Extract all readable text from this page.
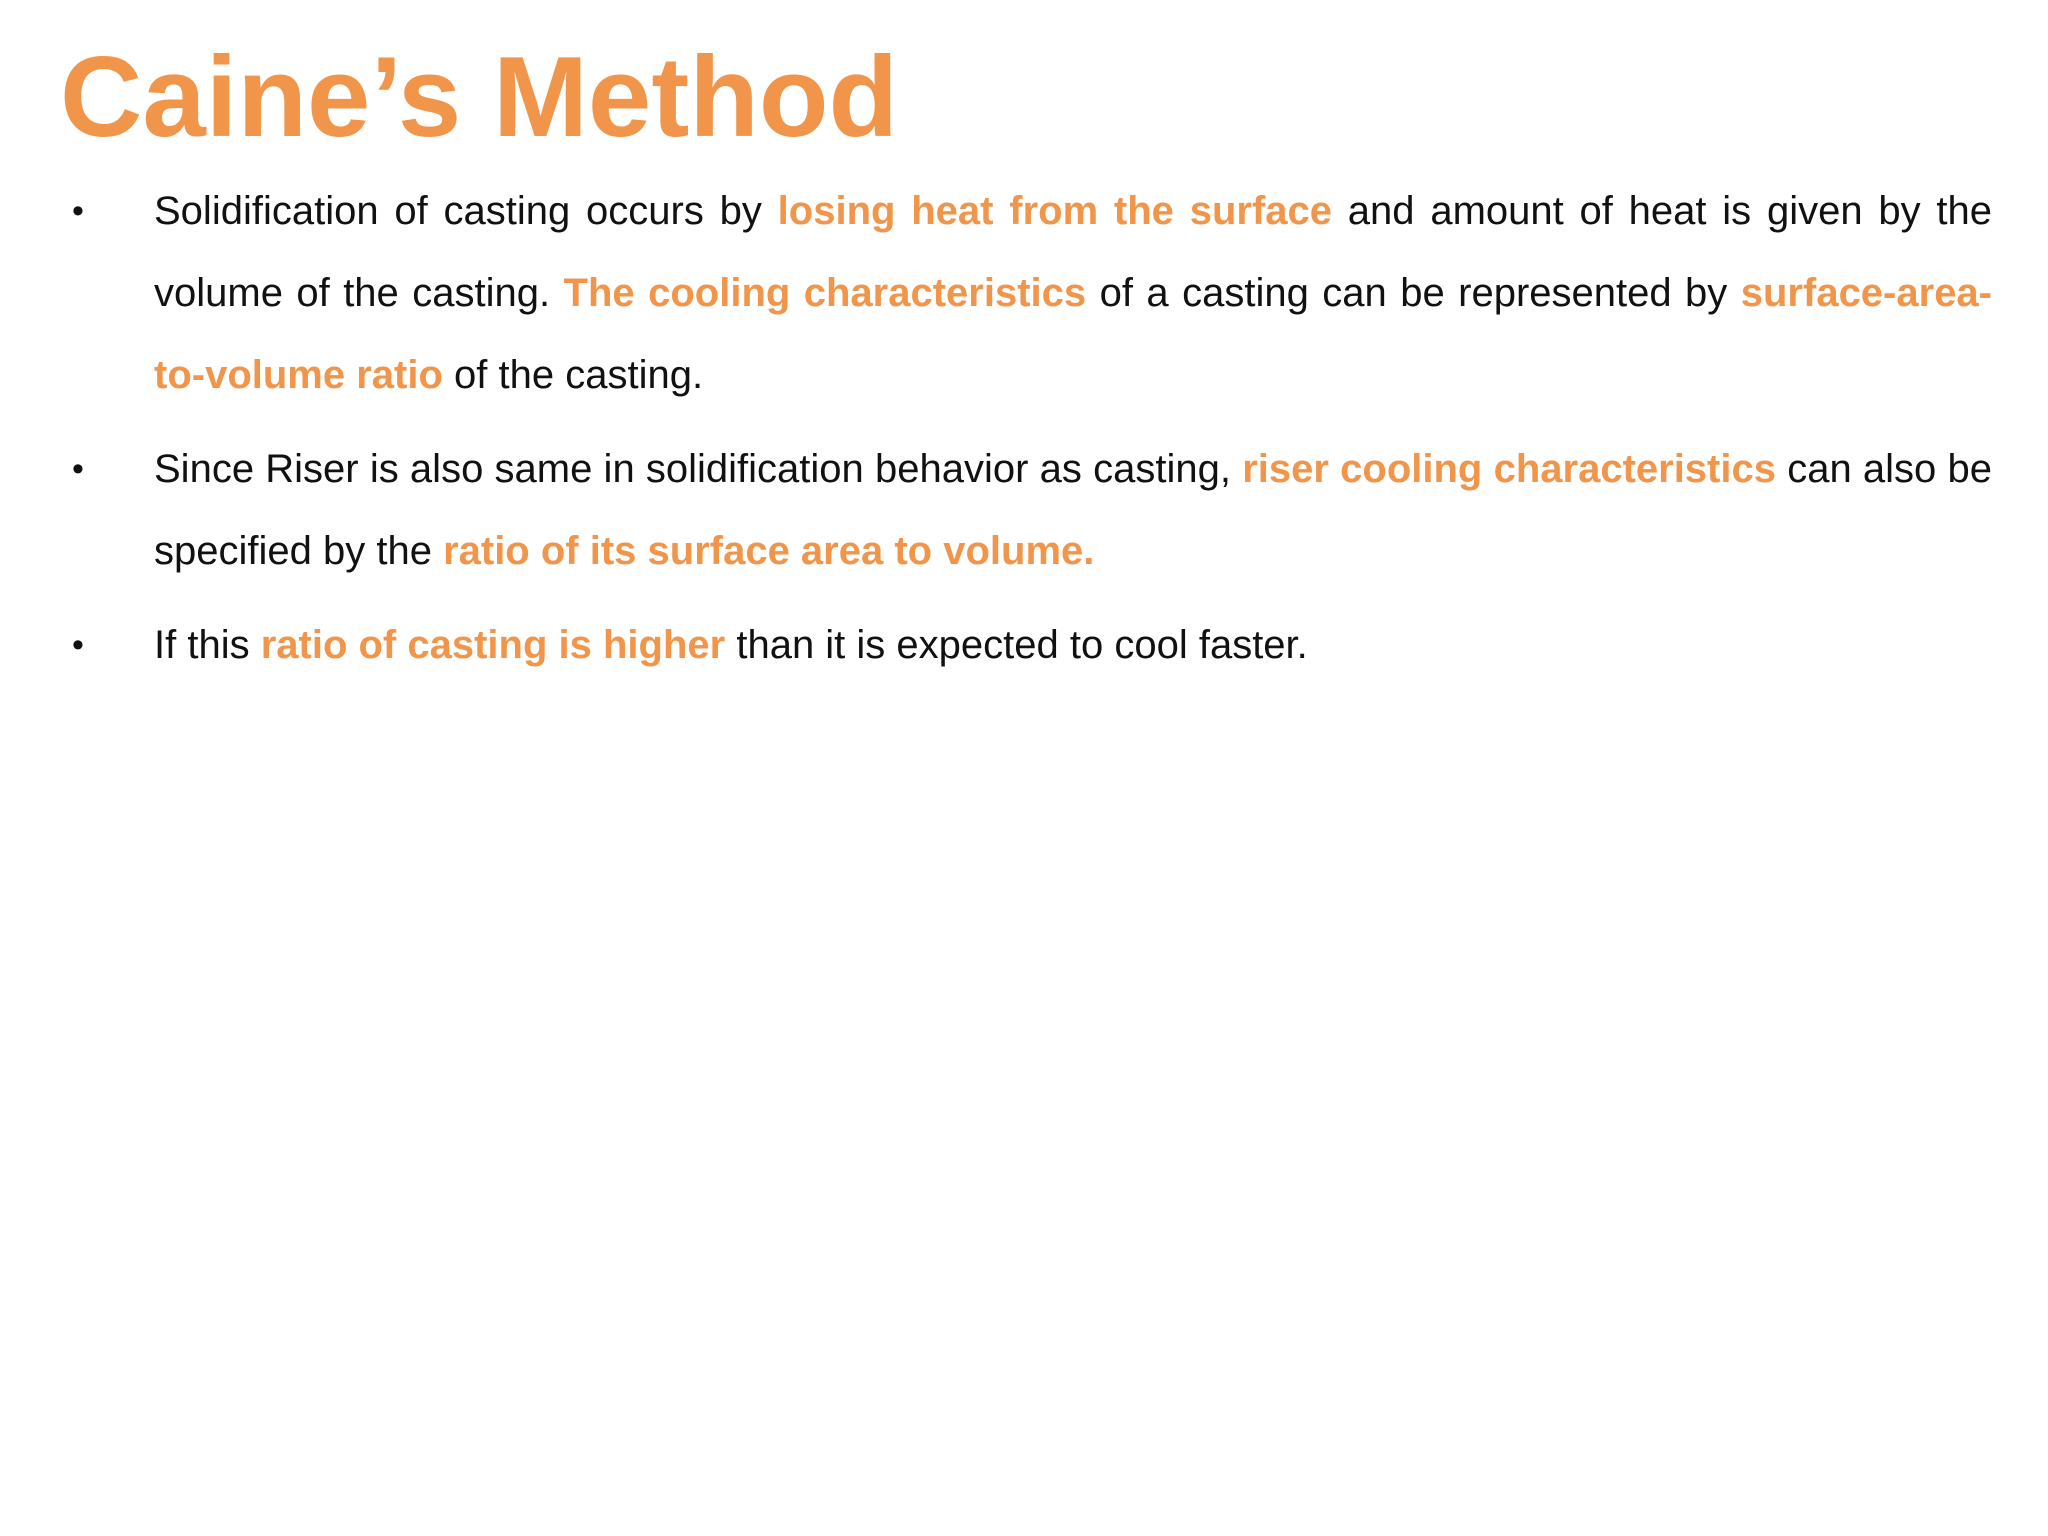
Caine’s Method
•	Solidification of casting occurs by losing heat from the surface and amount of heat is given by the volume of the casting. The cooling characteristics of a casting can be represented by surface-area-to-volume ratio of the casting.
•	Since Riser is also same in solidification behavior as casting, riser cooling characteristics can also be specified by the ratio of its surface area to volume.
•	If this ratio of casting is higher than it is expected to cool faster.
